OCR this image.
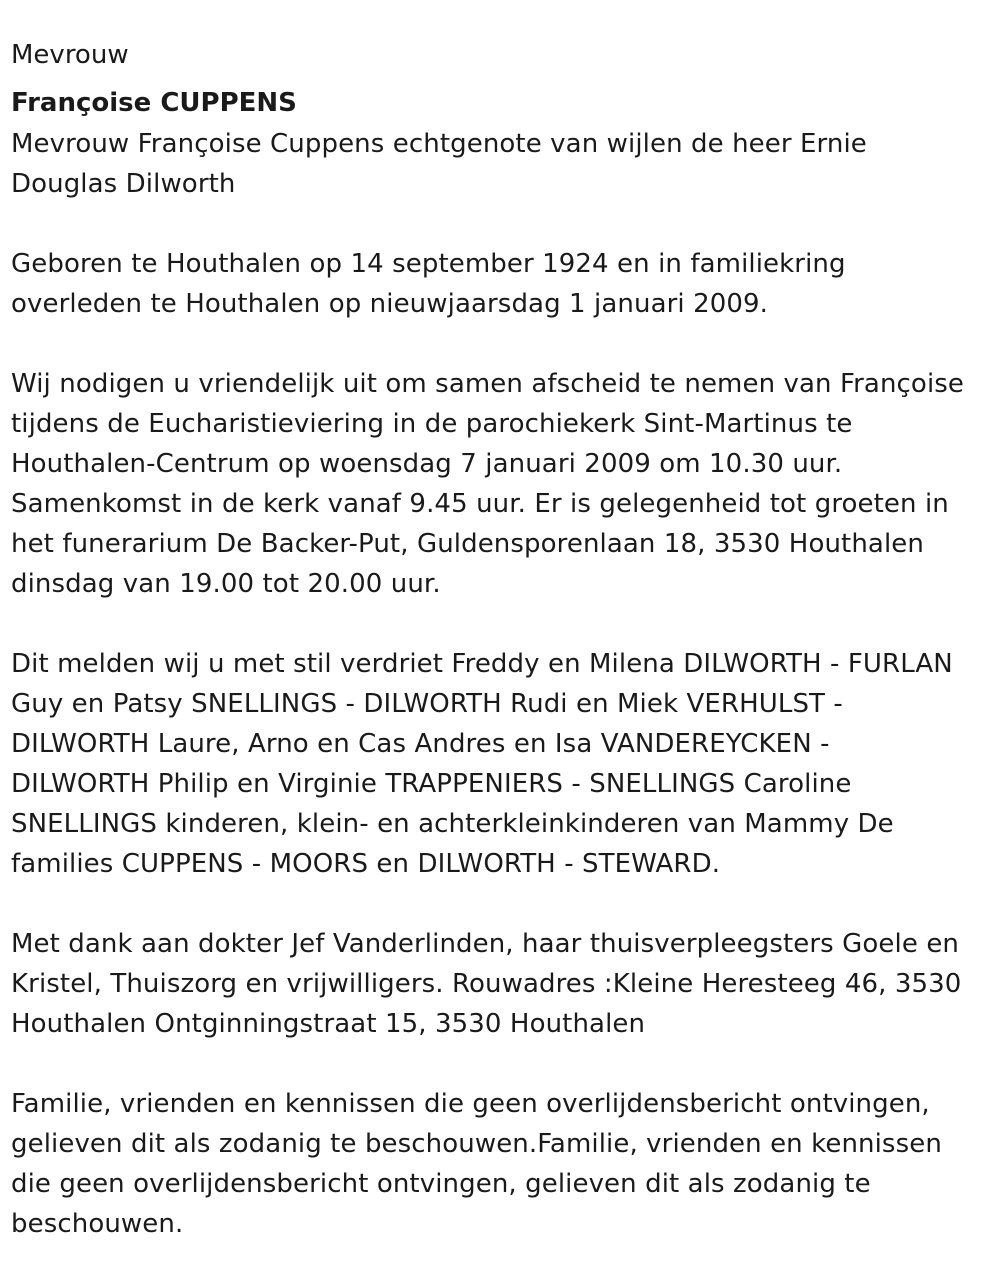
Mevrouw
Françoise CUPPENS
Mevrouw Françoise Cuppens echtgenote van wijlen de heer Ernie
Douglas Dilworth
Geboren te Houthalen op 14 september 1924 en in familiekring
overleden te Houthalen op nieuwjaarsdag 1 januari 2009.
Wij nodigen u vriendelijk uit om samen afscheid te nemen van Françoise
tijdens de Eucharistieviering in de parochiekerk Sint-Martinus te
Houthalen-Centrum op woensdag 7 januari 2009 om 10.30 uur.
Samenkomst in de kerk vanaf 9.45 uur. Er is gelegenheid tot groeten in
het funerarium De Backer-Put, Guldensporenlaan 18, 3530 Houthalen
dinsdag van 19.00 tot 20.00 uur.
Dit melden wij u met stil verdriet Freddy en Milena DILWORTH - FURLAN
Guy en Patsy SNELLINGS - DILWORTH Rudi en Miek VERHULST -
DILWORTH Laure, Arno en Cas Andres en Isa VANDEREYCKEN -
DILWORTH Philip en Virginie TRAPPENIERS - SNELLINGS Caroline
SNELLINGS kinderen, klein- en achterkleinkinderen van Mammy De
families CUPPENS - MOORS en DILWORTH - STEWARD.
Met dank aan dokter Jef Vanderlinden, haar thuisverpleegsters Goele en
Kristel, Thuiszorg en vrijwilligers. Rouwadres :Kleine Heresteeg 46, 3530
Houthalen Ontginningstraat 15, 3530 Houthalen
Familie, vrienden en kennissen die geen overlijdensbericht ontvingen,
gelieven dit als zodanig te beschouwen.Familie, vrienden en kennissen
die geen overlijdensbericht ontvingen, gelieven dit als zodanig te
beschouwen.
